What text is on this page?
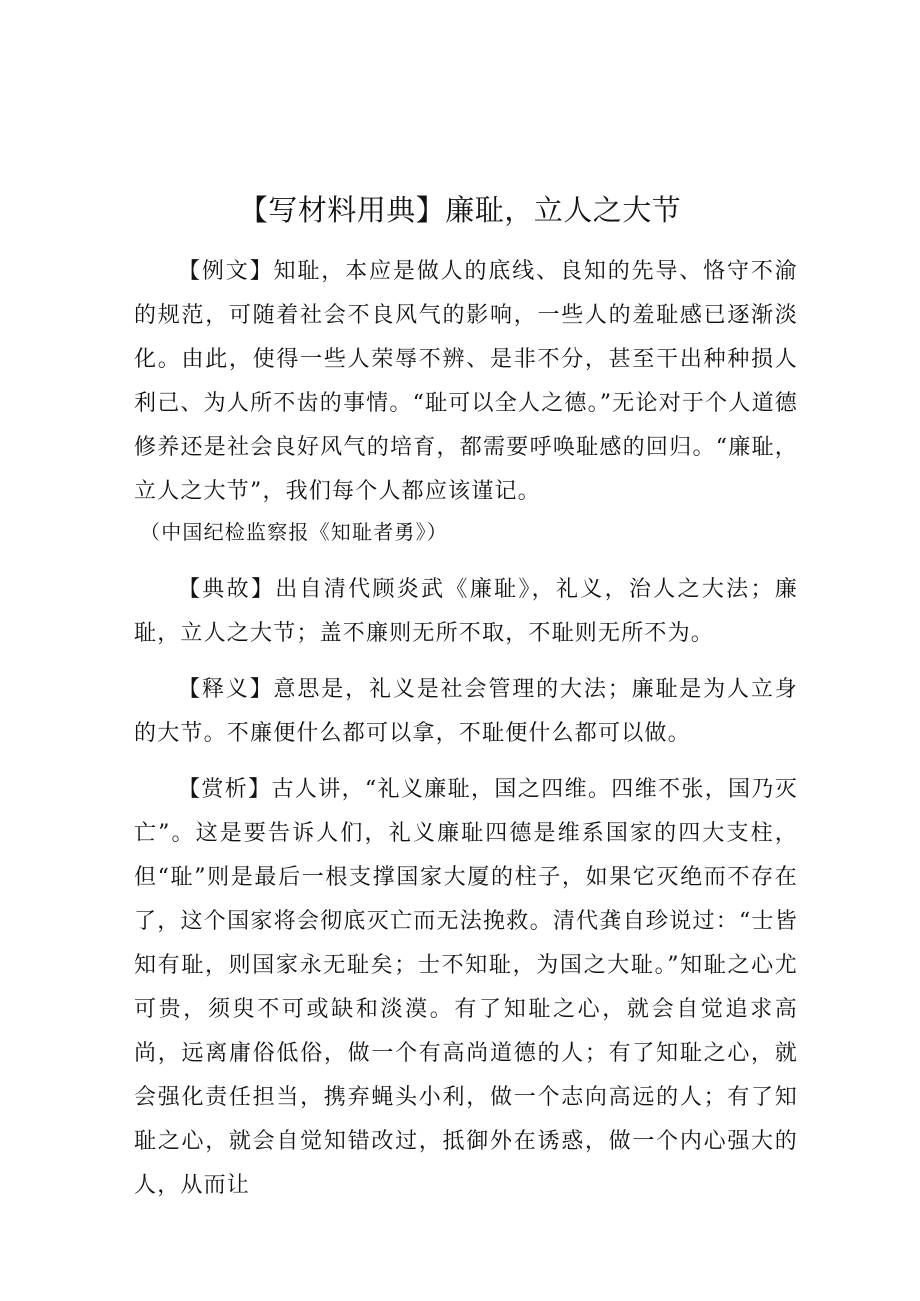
【写材料用典】廉耻，立人之大节

【例文】知耻，本应是做人的底线、良知的先导、恪守不渝的规范，可随着社会不良风气的影响，一些人的羞耻感已逐渐淡化。由此，使得一些人荣辱不辨、是非不分，甚至干出种种损人利己、为人所不齿的事情。“耻可以全人之德。”无论对于个人道德修养还是社会良好风气的培育，都需要呼唤耻感的回归。“廉耻，立人之大节”，我们每个人都应该谨记。

（中国纪检监察报《知耻者勇》）

【典故】出自清代顾炎武《廉耻》，礼义，治人之大法；廉耻，立人之大节；盖不廉则无所不取，不耻则无所不为。

【释义】意思是，礼义是社会管理的大法；廉耻是为人立身的大节。不廉便什么都可以拿，不耻便什么都可以做。

【赏析】古人讲，“礼义廉耻，国之四维。四维不张，国乃灭亡”。这是要告诉人们，礼义廉耻四德是维系国家的四大支柱，但“耻”则是最后一根支撑国家大厦的柱子，如果它灭绝而不存在了，这个国家将会彻底灭亡而无法挽救。清代龚自珍说过：“士皆知有耻，则国家永无耻矣；士不知耻，为国之大耻。”知耻之心尤可贵，须臾不可或缺和淡漠。有了知耻之心，就会自觉追求高尚，远离庸俗低俗，做一个有高尚道德的人；有了知耻之心，就会强化责任担当，携弃蝇头小利，做一个志向高远的人；有了知耻之心，就会自觉知错改过，抵御外在诱惑，做一个内心强大的人，从而让
